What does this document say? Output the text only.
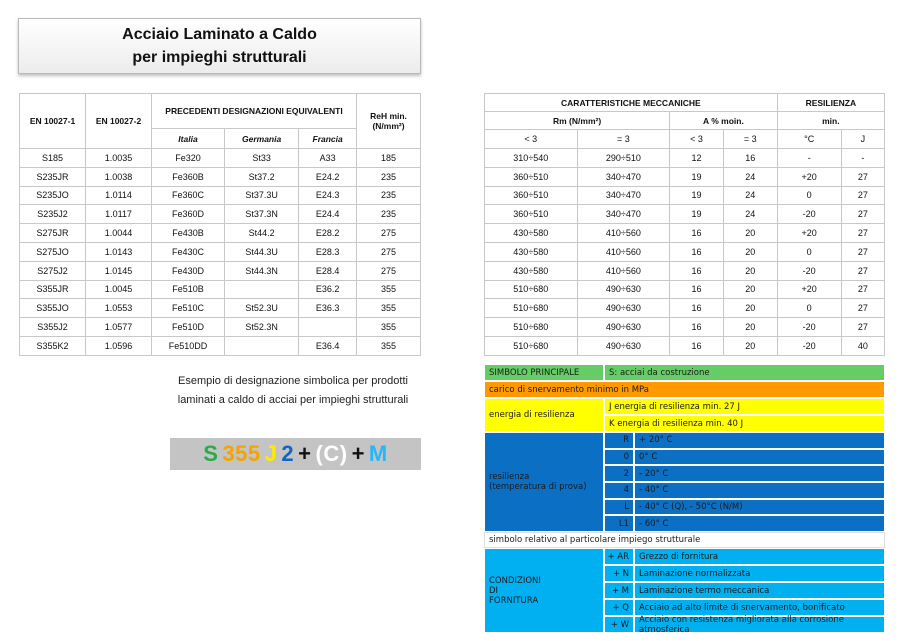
Acciaio Laminato a Caldo
per impieghi strutturali
EN 10027-1	EN 10027-2	PRECEDENTI DESIGNAZIONI EQUIVALENTI			ReH min.
(N/mm²)

		Italia	Germania	Francia	
S185	1.0035	Fe320	St33	A33	185
S235JR	1.0038	Fe360B	St37.2	E24.2	235
S235JO	1.0114	Fe360C	St37.3U	E24.3	235
S235J2	1.0117	Fe360D	St37.3N	E24.4	235
S275JR	1.0044	Fe430B	St44.2	E28.2	275
S275JO	1.0143	Fe430C	St44.3U	E28.3	275
S275J2	1.0145	Fe430D	St44.3N	E28.4	275
S355JR	1.0045	Fe510B		E36.2	355
S355JO	1.0553	Fe510C	St52.3U	E36.3	355
S355J2	1.0577	Fe510D	St52.3N		355
S355K2	1.0596	Fe510DD		E36.4	355
CARATTERISTICHE MECCANICHE				RESILIENZA	
Rm (N/mm²)		A % moin.		min.	
< 3	= 3	< 3	= 3	°C	J
310÷540	290÷510	12	16	-	-
360÷510	340÷470	19	24	+20	27
360÷510	340÷470	19	24	0	27
360÷510	340÷470	19	24	-20	27
430÷580	410÷560	16	20	+20	27
430÷580	410÷560	16	20	0	27
430÷580	410÷560	16	20	-20	27
510÷680	490÷630	16	20	+20	27
510÷680	490÷630	16	20	0	27
510÷680	490÷630	16	20	-20	27
510÷680	490÷630	16	20	-20	40
Esempio di designazione simbolica per prodotti
laminati a caldo di acciai per impieghi strutturali
S 355 J 2 + (C) + M
SIMBOLO PRINCIPALE	S: acciai da costruzione
carico di snervamento minimo in MPa
energia di resilienza
J energia di resilienza min. 27 J
K energia di resilienza min. 40 J
resilienza
(temperatura di prova)
R	+ 20° C
0	0° C
2	- 20° C
4	- 40° C
L	- 40° C (Q), - 50°C (N/M)
L1	- 60° C
simbolo relativo al particolare impiego strutturale
CONDIZIONI
DI
FORNITURA
+ AR	Grezzo di fornitura
+ N	Laminazione normalizzata
+ M	Laminazione termo meccanica
+ Q	Acciaio ad alto limite di snervamento, bonificato
+ W	Acciaio con resistenza migliorata alla corrosione atmosferica
